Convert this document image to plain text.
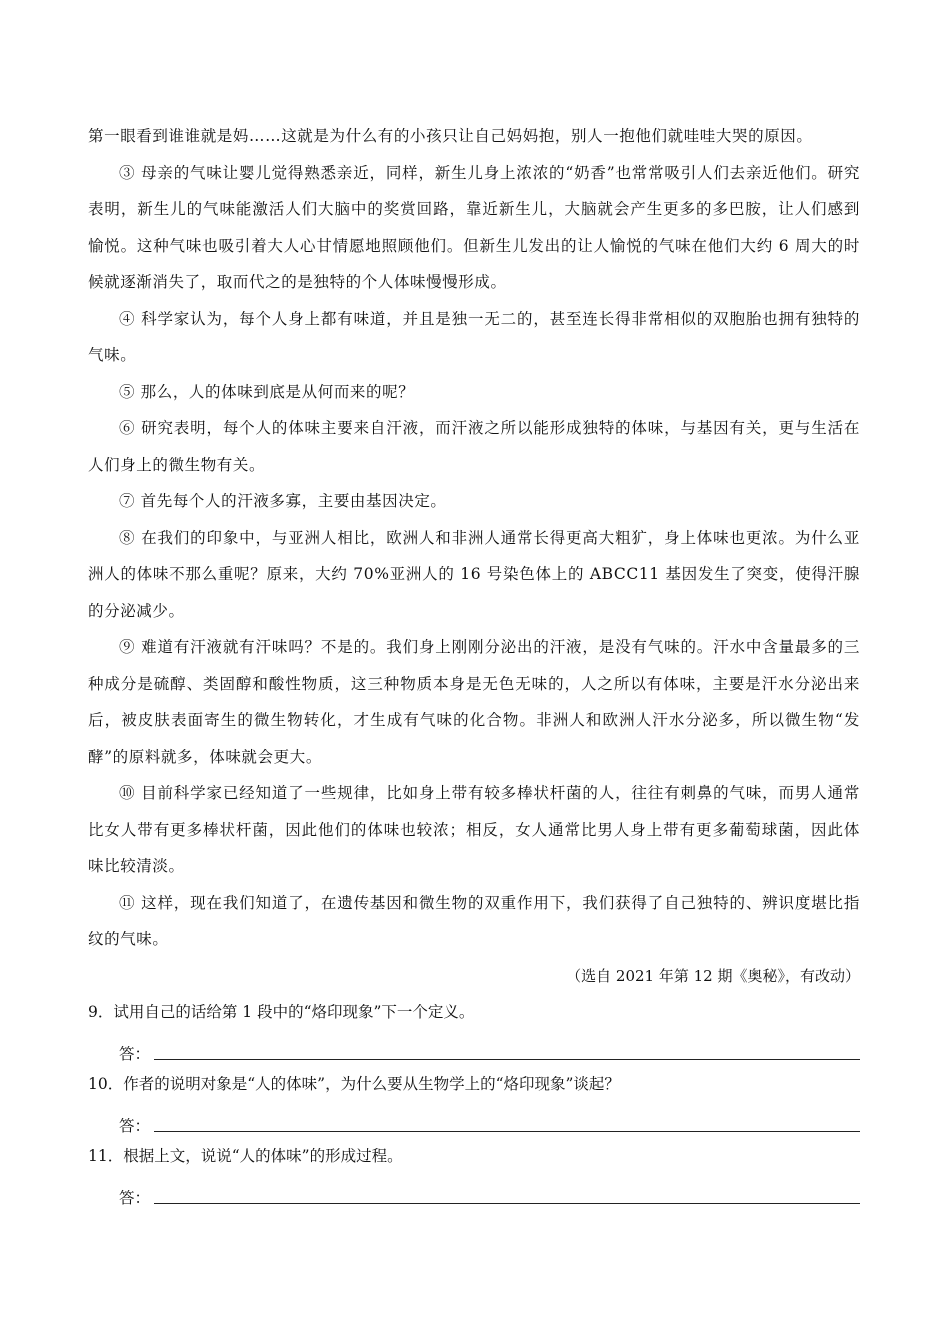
第一眼看到谁谁就是妈……这就是为什么有的小孩只让自己妈妈抱，别人一抱他们就哇哇大哭的原因。

③ 母亲的气味让婴儿觉得熟悉亲近，同样，新生儿身上浓浓的“奶香”也常常吸引人们去亲近他们。研究表明，新生儿的气味能激活人们大脑中的奖赏回路，靠近新生儿，大脑就会产生更多的多巴胺，让人们感到愉悦。这种气味也吸引着大人心甘情愿地照顾他们。但新生儿发出的让人愉悦的气味在他们大约 6 周大的时候就逐渐消失了，取而代之的是独特的个人体味慢慢形成。

④ 科学家认为，每个人身上都有味道，并且是独一无二的，甚至连长得非常相似的双胞胎也拥有独特的气味。

⑤ 那么，人的体味到底是从何而来的呢？

⑥ 研究表明，每个人的体味主要来自汗液，而汗液之所以能形成独特的体味，与基因有关，更与生活在人们身上的微生物有关。

⑦ 首先每个人的汗液多寡，主要由基因决定。

⑧ 在我们的印象中，与亚洲人相比，欧洲人和非洲人通常长得更高大粗犷，身上体味也更浓。为什么亚洲人的体味不那么重呢？原来，大约 70%亚洲人的 16 号染色体上的 ABCC11 基因发生了突变，使得汗腺的分泌减少。

⑨ 难道有汗液就有汗味吗？不是的。我们身上刚刚分泌出的汗液，是没有气味的。汗水中含量最多的三种成分是硫醇、类固醇和酸性物质，这三种物质本身是无色无味的，人之所以有体味，主要是汗水分泌出来后，被皮肤表面寄生的微生物转化，才生成有气味的化合物。非洲人和欧洲人汗水分泌多，所以微生物“发酵”的原料就多，体味就会更大。

⑩ 目前科学家已经知道了一些规律，比如身上带有较多棒状杆菌的人，往往有刺鼻的气味，而男人通常比女人带有更多棒状杆菌，因此他们的体味也较浓；相反，女人通常比男人身上带有更多葡萄球菌，因此体味比较清淡。

⑪ 这样，现在我们知道了，在遗传基因和微生物的双重作用下，我们获得了自己独特的、辨识度堪比指纹的气味。

（选自 2021 年第 12 期《奥秘》，有改动）

9．试用自己的话给第 1 段中的“烙印现象”下一个定义。

答：

10．作者的说明对象是“人的体味”，为什么要从生物学上的“烙印现象”谈起？

答：

11．根据上文，说说“人的体味”的形成过程。

答：
